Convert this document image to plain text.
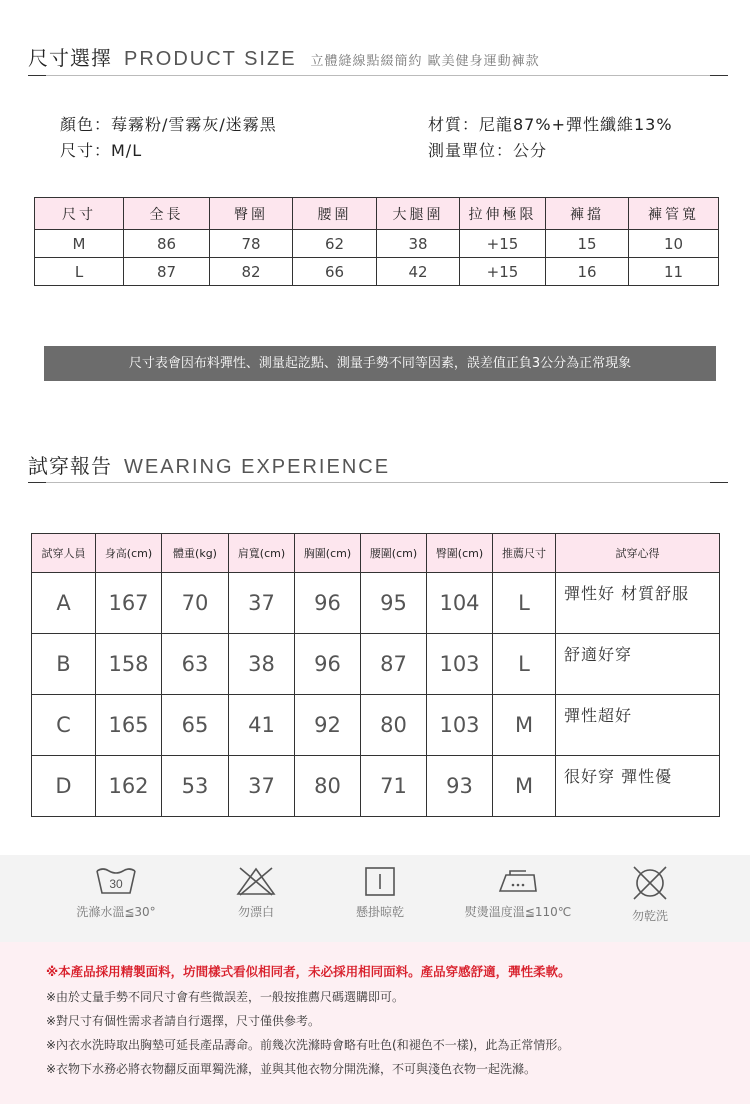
尺寸選擇 PRODUCT SIZE 立體縫線點綴簡約 歐美健身運動褲款
顏色：莓霧粉/雪霧灰/迷霧黑
尺寸：M/L
材質：尼龍87%+彈性纖維13%
測量單位：公分
尺寸	全長	臀圍	腰圍	大腿圍	拉伸極限	褲擋	褲管寬
M	86	78	62	38	+15	15	10
L	87	82	66	42	+15	16	11
尺寸表會因布料彈性、測量起訖點、測量手勢不同等因素，誤差值正負3公分為正常現象
試穿報告 WEARING EXPERIENCE
試穿人員	身高(cm)	體重(kg)	肩寬(cm)	胸圍(cm)	腰圍(cm)	臀圍(cm)	推薦尺寸	試穿心得
A	167	70	37	96	95	104	L	彈性好 材質舒服
B	158	63	38	96	87	103	L	舒適好穿
C	165	65	41	92	80	103	M	彈性超好
D	162	53	37	80	71	93	M	很好穿 彈性優
30
洗滌水溫≦30°	勿漂白	懸掛晾乾	熨燙溫度溫≦110℃	勿乾洗
※本產品採用精製面料，坊間樣式看似相同者，未必採用相同面料。產品穿感舒適，彈性柔軟。
※由於丈量手勢不同尺寸會有些微誤差，一般按推薦尺碼選購即可。
※對尺寸有個性需求者請自行選擇，尺寸僅供參考。
※內衣水洗時取出胸墊可延長產品壽命。前幾次洗滌時會略有吐色(和褪色不一樣)，此為正常情形。
※衣物下水務必將衣物翻反面單獨洗滌，並與其他衣物分開洗滌，不可與淺色衣物一起洗滌。
